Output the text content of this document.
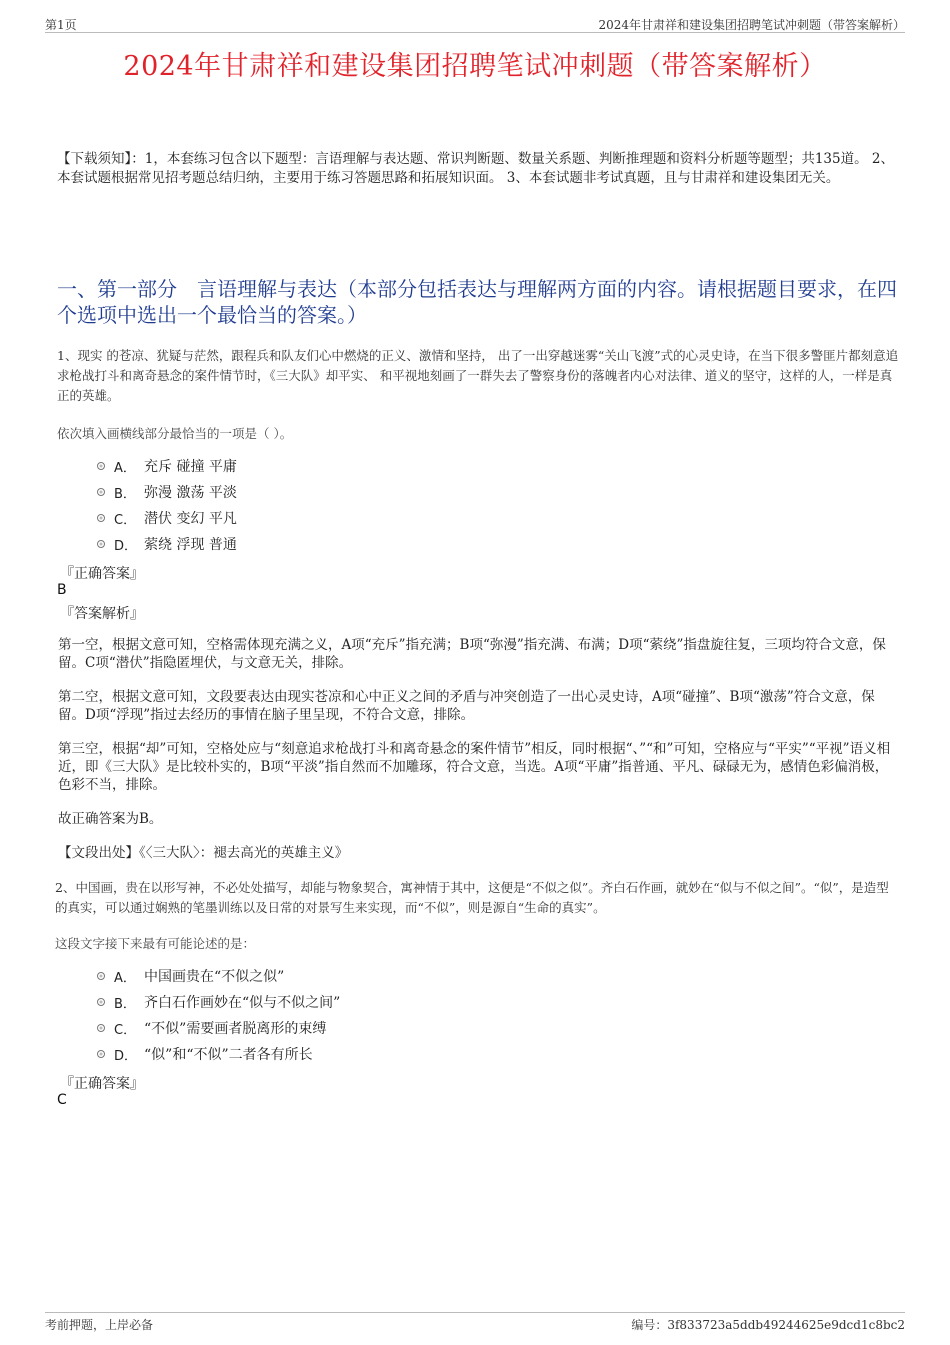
第1页	2024年甘肃祥和建设集团招聘笔试冲刺题（带答案解析）
2024年甘肃祥和建设集团招聘笔试冲刺题（带答案解析）
【下载须知】：1，本套练习包含以下题型：言语理解与表达题、常识判断题、数量关系题、判断推理题和资料分析题等题型；共135道。 2、本套试题根据常见招考题总结归纳，主要用于练习答题思路和拓展知识面。 3、本套试题非考试真题，且与甘肃祥和建设集团无关。
一、第一部分　言语理解与表达（本部分包括表达与理解两方面的内容。请根据题目要求，在四个选项中选出一个最恰当的答案。）
1、现实 的苍凉、犹疑与茫然，跟程兵和队友们心中燃烧的正义、激情和坚持， 出了一出穿越迷雾“关山飞渡”式的心灵史诗，在当下很多警匪片都刻意追求枪战打斗和离奇悬念的案件情节时，《三大队》却平实、 和平视地刻画了一群失去了警察身份的落魄者内心对法律、道义的坚守，这样的人，一样是真正的英雄。
依次填入画横线部分最恰当的一项是（ ）。
A． 充斥 碰撞 平庸
B． 弥漫 激荡 平淡
C． 潜伏 变幻 平凡
D． 萦绕 浮现 普通
『正确答案』
B
『答案解析』
第一空，根据文意可知，空格需体现充满之义，A项“充斥”指充满；B项“弥漫”指充满、布满；D项“萦绕”指盘旋往复，三项均符合文意，保留。C项“潜伏”指隐匿埋伏，与文意无关，排除。
第二空，根据文意可知，文段要表达由现实苍凉和心中正义之间的矛盾与冲突创造了一出心灵史诗，A项“碰撞”、B项“激荡”符合文意，保留。D项“浮现”指过去经历的事情在脑子里呈现，不符合文意，排除。
第三空，根据“却”可知，空格处应与“刻意追求枪战打斗和离奇悬念的案件情节”相反，同时根据“、”“和”可知，空格应与“平实”“平视”语义相近，即《三大队》是比较朴实的，B项“平淡”指自然而不加雕琢，符合文意，当选。A项“平庸”指普通、平凡、碌碌无为，感情色彩偏消极，色彩不当，排除。
故正确答案为B。
【文段出处】《〈三大队〉：褪去高光的英雄主义》
2、中国画，贵在以形写神，不必处处描写，却能与物象契合，寓神情于其中，这便是“不似之似”。齐白石作画，就妙在“似与不似之间”。“似”，是造型的真实，可以通过娴熟的笔墨训练以及日常的对景写生来实现，而“不似”，则是源自“生命的真实”。
这段文字接下来最有可能论述的是：
A． 中国画贵在“不似之似”
B． 齐白石作画妙在“似与不似之间”
C． “不似”需要画者脱离形的束缚
D． “似”和“不似”二者各有所长
『正确答案』
C
考前押题，上岸必备	编号：3f833723a5ddb49244625e9dcd1c8bc2
